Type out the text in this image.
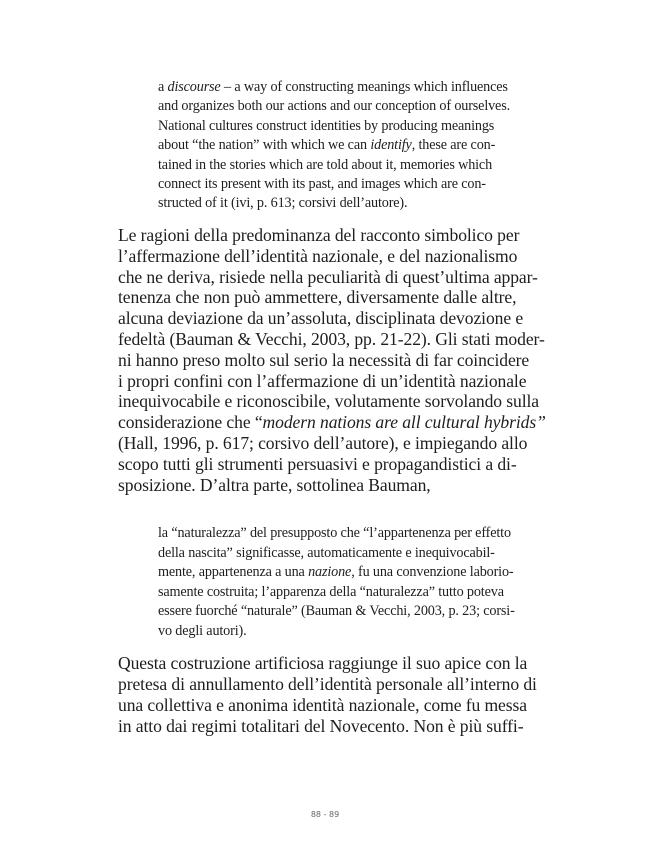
a discourse – a way of constructing meanings which influences
and organizes both our actions and our conception of ourselves.
National cultures construct identities by producing meanings
about “the nation” with which we can identify, these are con-
tained in the stories which are told about it, memories which
connect its present with its past, and images which are con-
structed of it (ivi, p. 613; corsivi dell’autore).
Le ragioni della predominanza del racconto simbolico per
l’affermazione dell’identità nazionale, e del nazionalismo
che ne deriva, risiede nella peculiarità di quest’ultima appar-
tenenza che non può ammettere, diversamente dalle altre,
alcuna deviazione da un’assoluta, disciplinata devozione e
fedeltà (Bauman & Vecchi, 2003, pp. 21-22). Gli stati moder-
ni hanno preso molto sul serio la necessità di far coincidere
i propri confini con l’affermazione di un’identità nazionale
inequivocabile e riconoscibile, volutamente sorvolando sulla
considerazione che “modern nations are all cultural hybrids”
(Hall, 1996, p. 617; corsivo dell’autore), e impiegando allo
scopo tutti gli strumenti persuasivi e propagandistici a di-
sposizione. D’altra parte, sottolinea Bauman,
la “naturalezza” del presupposto che “l’appartenenza per effetto
della nascita” significasse, automaticamente e inequivocabil-
mente, appartenenza a una nazione, fu una convenzione laborio-
samente costruita; l’apparenza della “naturalezza” tutto poteva
essere fuorché “naturale” (Bauman & Vecchi, 2003, p. 23; corsi-
vo degli autori).
Questa costruzione artificiosa raggiunge il suo apice con la
pretesa di annullamento dell’identità personale all’interno di
una collettiva e anonima identità nazionale, come fu messa
in atto dai regimi totalitari del Novecento. Non è più suffi-
88 - 89
